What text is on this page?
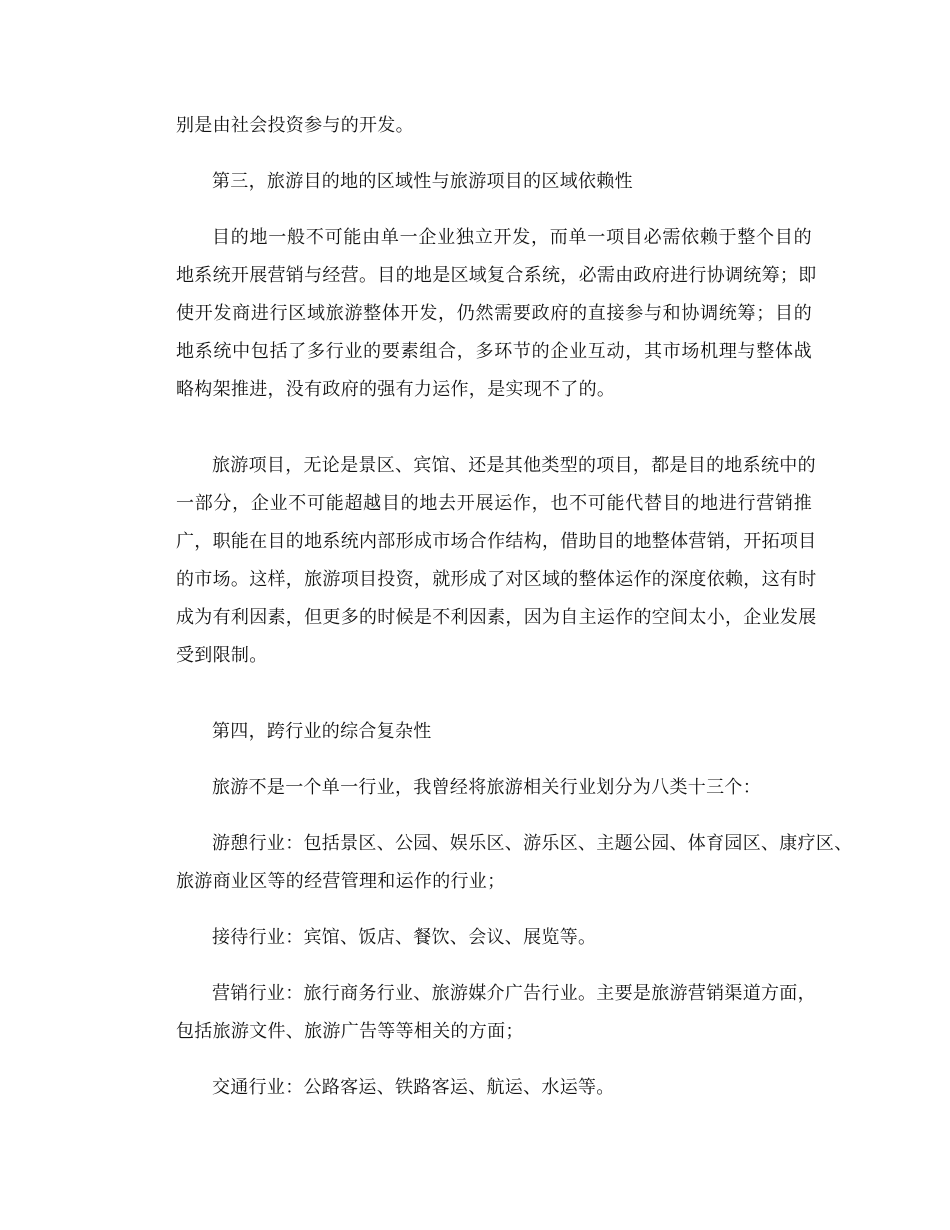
别是由社会投资参与的开发。
第三，旅游目的地的区域性与旅游项目的区域依赖性
目的地一般不可能由单一企业独立开发，而单一项目必需依赖于整个目的
地系统开展营销与经营。目的地是区域复合系统，必需由政府进行协调统筹；即
使开发商进行区域旅游整体开发，仍然需要政府的直接参与和协调统筹；目的
地系统中包括了多行业的要素组合，多环节的企业互动，其市场机理与整体战
略构架推进，没有政府的强有力运作，是实现不了的。
旅游项目，无论是景区、宾馆、还是其他类型的项目，都是目的地系统中的
一部分，企业不可能超越目的地去开展运作，也不可能代替目的地进行营销推
广，职能在目的地系统内部形成市场合作结构，借助目的地整体营销，开拓项目
的市场。这样，旅游项目投资，就形成了对区域的整体运作的深度依赖，这有时
成为有利因素，但更多的时候是不利因素，因为自主运作的空间太小，企业发展
受到限制。
第四，跨行业的综合复杂性
旅游不是一个单一行业，我曾经将旅游相关行业划分为八类十三个：
游憩行业：包括景区、公园、娱乐区、游乐区、主题公园、体育园区、康疗区、
旅游商业区等的经营管理和运作的行业；
接待行业：宾馆、饭店、餐饮、会议、展览等。
营销行业：旅行商务行业、旅游媒介广告行业。主要是旅游营销渠道方面，
包括旅游文件、旅游广告等等相关的方面；
交通行业：公路客运、铁路客运、航运、水运等。
